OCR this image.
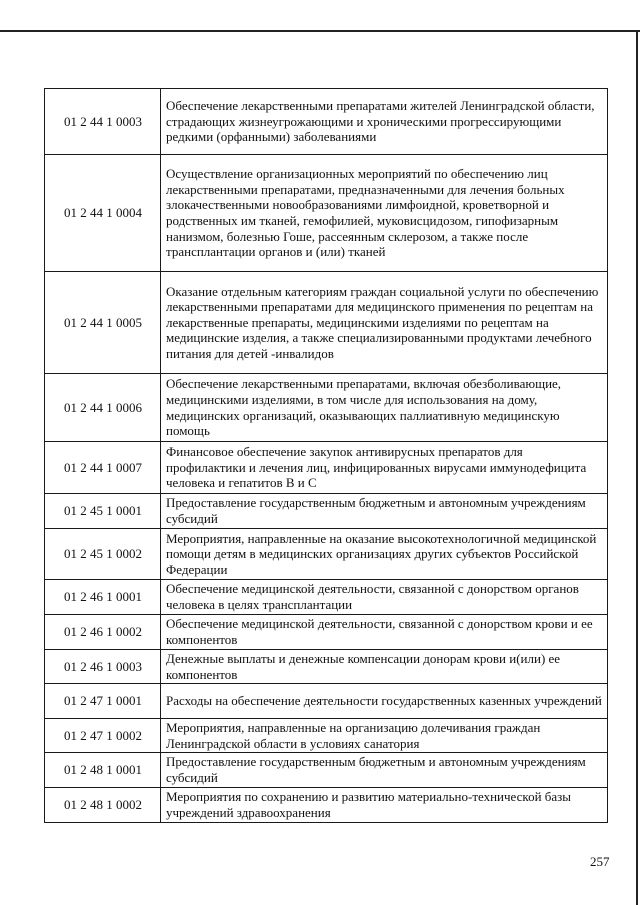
01 2 44 1 0003	Обеспечение лекарственными препаратами жителей Ленинградской области, страдающих жизнеугрожающими и хроническими прогрессирующими редкими (орфанными) заболеваниями
01 2 44 1 0004	Осуществление организационных мероприятий по обеспечению лиц лекарственными препаратами, предназначенными для лечения больных злокачественными новообразованиями лимфоидной, кроветворной и родственных им тканей, гемофилией, муковисцидозом, гипофизарным нанизмом, болезнью Гоше, рассеянным склерозом, а также после трансплантации органов и (или) тканей
01 2 44 1 0005	Оказание отдельным категориям граждан социальной услуги по обеспечению лекарственными препаратами для медицинского применения по рецептам на лекарственные препараты, медицинскими изделиями по рецептам на медицинские изделия, а также специализированными продуктами лечебного питания для детей -инвалидов
01 2 44 1 0006	Обеспечение лекарственными препаратами, включая обезболивающие, медицинскими изделиями, в том числе для использования на дому, медицинских организаций, оказывающих паллиативную медицинскую помощь
01 2 44 1 0007	Финансовое обеспечение закупок антивирусных препаратов для профилактики и лечения лиц, инфицированных вирусами иммунодефицита человека и гепатитов В и С
01 2 45 1 0001	Предоставление государственным бюджетным и автономным учреждениям субсидий
01 2 45 1 0002	Мероприятия, направленные на оказание высокотехнологичной медицинской помощи детям в медицинских организациях других субъектов Российской Федерации
01 2 46 1 0001	Обеспечение медицинской деятельности, связанной с донорством органов человека в целях трансплантации
01 2 46 1 0002	Обеспечение медицинской деятельности, связанной с донорством крови и ее компонентов
01 2 46 1 0003	Денежные выплаты и денежные компенсации донорам крови и(или) ее компонентов
01 2 47 1 0001	Расходы на обеспечение деятельности государственных казенных учреждений
01 2 47 1 0002	Мероприятия, направленные на организацию долечивания граждан Ленинградской области в условиях санатория
01 2 48 1 0001	Предоставление государственным бюджетным и автономным учреждениям субсидий
01 2 48 1 0002	Мероприятия по сохранению и развитию материально-технической базы учреждений здравоохранения
257
